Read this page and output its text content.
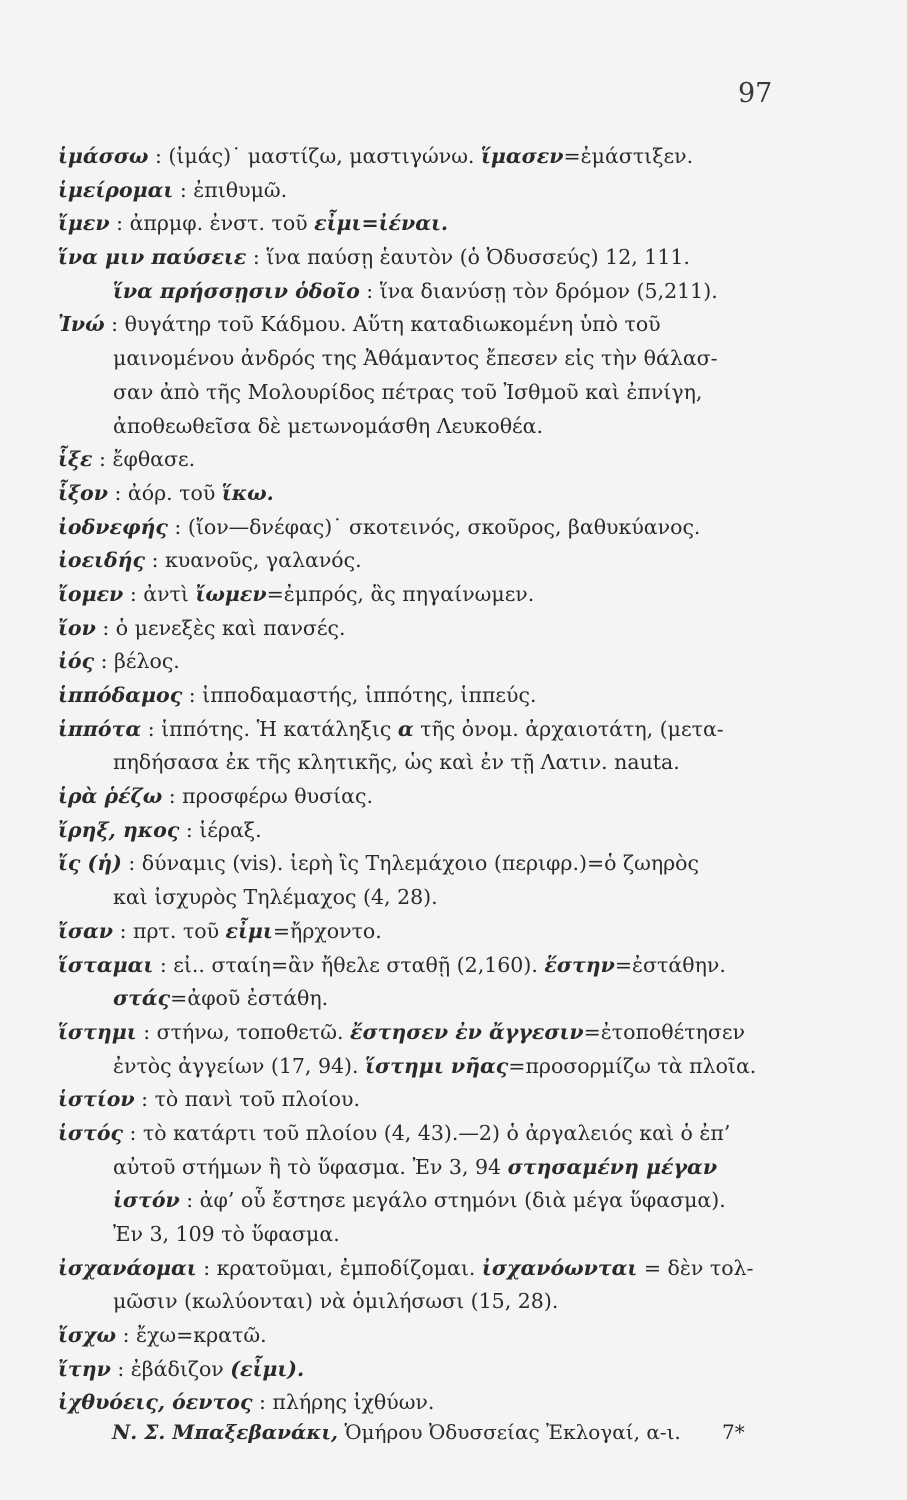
97
ἱμάσσω : (ἱμάς)˙ μαστίζω, μαστιγώνω. ἵμασεν=ἐμάστιξεν.
ἱμείρομαι : ἐπιθυμῶ.
ἴμεν : ἀπρμφ. ἐνστ. τοῦ εἶμι=ἰέναι.
ἵνα μιν παύσειε : ἵνα παύσῃ ἑαυτὸν (ὁ Ὀδυσσεύς) 12, 111.
ἵνα πρήσσῃσιν ὁδοῖο : ἵνα διανύσῃ τὸν δρόμον (5,211).
Ἰνώ : θυγάτηρ τοῦ Κάδμου. Αὕτη καταδιωκομένη ὑπὸ τοῦ
μαινομένου ἀνδρός της Ἀθάμαντος ἔπεσεν εἰς τὴν θάλασ-
σαν ἀπὸ τῆς Μολουρίδος πέτρας τοῦ Ἰσθμοῦ καὶ ἐπνίγη,
ἀποθεωθεῖσα δὲ μετωνομάσθη Λευκοθέα.
ἷξε : ἔφθασε.
ἷξον : ἀόρ. τοῦ ἵκω.
ἰοδνεφής : (ἴον—δνέφας)˙ σκοτεινός, σκοῦρος, βαθυκύανος.
ἰοειδής : κυανοῦς, γαλανός.
ἴομεν : ἀντὶ ἴωμεν=ἐμπρός, ἃς πηγαίνωμεν.
ἴον : ὁ μενεξὲς καὶ πανσές.
ἰός : βέλος.
ἱππόδαμος : ἱπποδαμαστής, ἱππότης, ἱππεύς.
ἱππότα : ἱππότης. Ἡ κατάληξις α τῆς ὀνομ. ἀρχαιοτάτη, (μετα-
πηδήσασα ἐκ τῆς κλητικῆς, ὡς καὶ ἐν τῇ Λατιν. nauta.
ἱρὰ ῥέζω : προσφέρω θυσίας.
ἴρηξ, ηκος : ἱέραξ.
ἴς (ἡ) : δύναμις (vis). ἱερὴ ἲς Τηλεμάχοιο (περιφρ.)=ὁ ζωηρὸς
καὶ ἰσχυρὸς Τηλέμαχος (4, 28).
ἴσαν : πρτ. τοῦ εἶμι=ἤρχοντο.
ἵσταμαι : εἰ.. σταίη=ἂν ἤθελε σταθῇ (2,160). ἕστην=ἐστάθην.
στάς=ἀφοῦ ἐστάθη.
ἵστημι : στήνω, τοποθετῶ. ἔστησεν ἐν ἄγγεσιν=ἐτοποθέτησεν
ἐντὸς ἀγγείων (17, 94). ἵστημι νῆας=προσορμίζω τὰ πλοῖα.
ἱστίον : τὸ πανὶ τοῦ πλοίου.
ἱστός : τὸ κατάρτι τοῦ πλοίου (4, 43).—2) ὁ ἀργαλειός καὶ ὁ ἐπ’
αὐτοῦ στήμων ἢ τὸ ὕφασμα. Ἐν 3, 94 στησαμένη μέγαν
ἱστόν : ἀφ’ οὗ ἔστησε μεγάλο στημόνι (διὰ μέγα ὕφασμα).
Ἐν 3, 109 τὸ ὕφασμα.
ἰσχανάομαι : κρατοῦμαι, ἐμποδίζομαι. ἰσχανόωνται = δὲν τολ-
μῶσιν (κωλύονται) νὰ ὁμιλήσωσι (15, 28).
ἴσχω : ἔχω=κρατῶ.
ἴτην : ἐβάδιζον (εἶμι).
ἰχθυόεις, όεντος : πλήρης ἰχθύων.
Ν. Σ. Μπαξεβανάκι, Ὁμήρου Ὀδυσσείας Ἐκλογαί, α-ι. 7*
